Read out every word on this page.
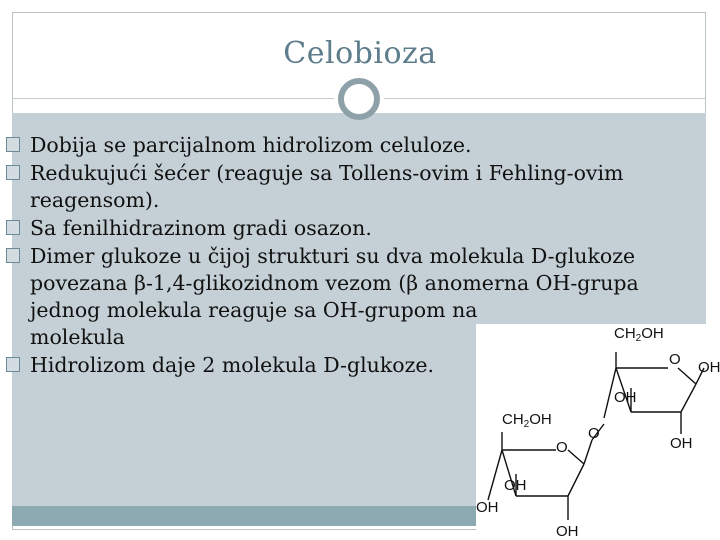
Celobioza
Dobija se parcijalnom hidrolizom celuloze.
Redukujući šećer (reaguje sa Tollens-ovim i Fehling-ovim
reagensom).
Sa fenilhidrazinom gradi osazon.
Dimer glukoze u čijoj strukturi su dva molekula D-glukoze
povezana β-1,4-glikozidnom vezom (β anomerna OH-grupa
jednog molekula reaguje sa OH-grupom na
molekula
Hidrolizom daje 2 molekula D-glukoze.
$CH_2OH$
O OH
OH
OH
$CH_2OH$
O
O
OH
OH
OH
